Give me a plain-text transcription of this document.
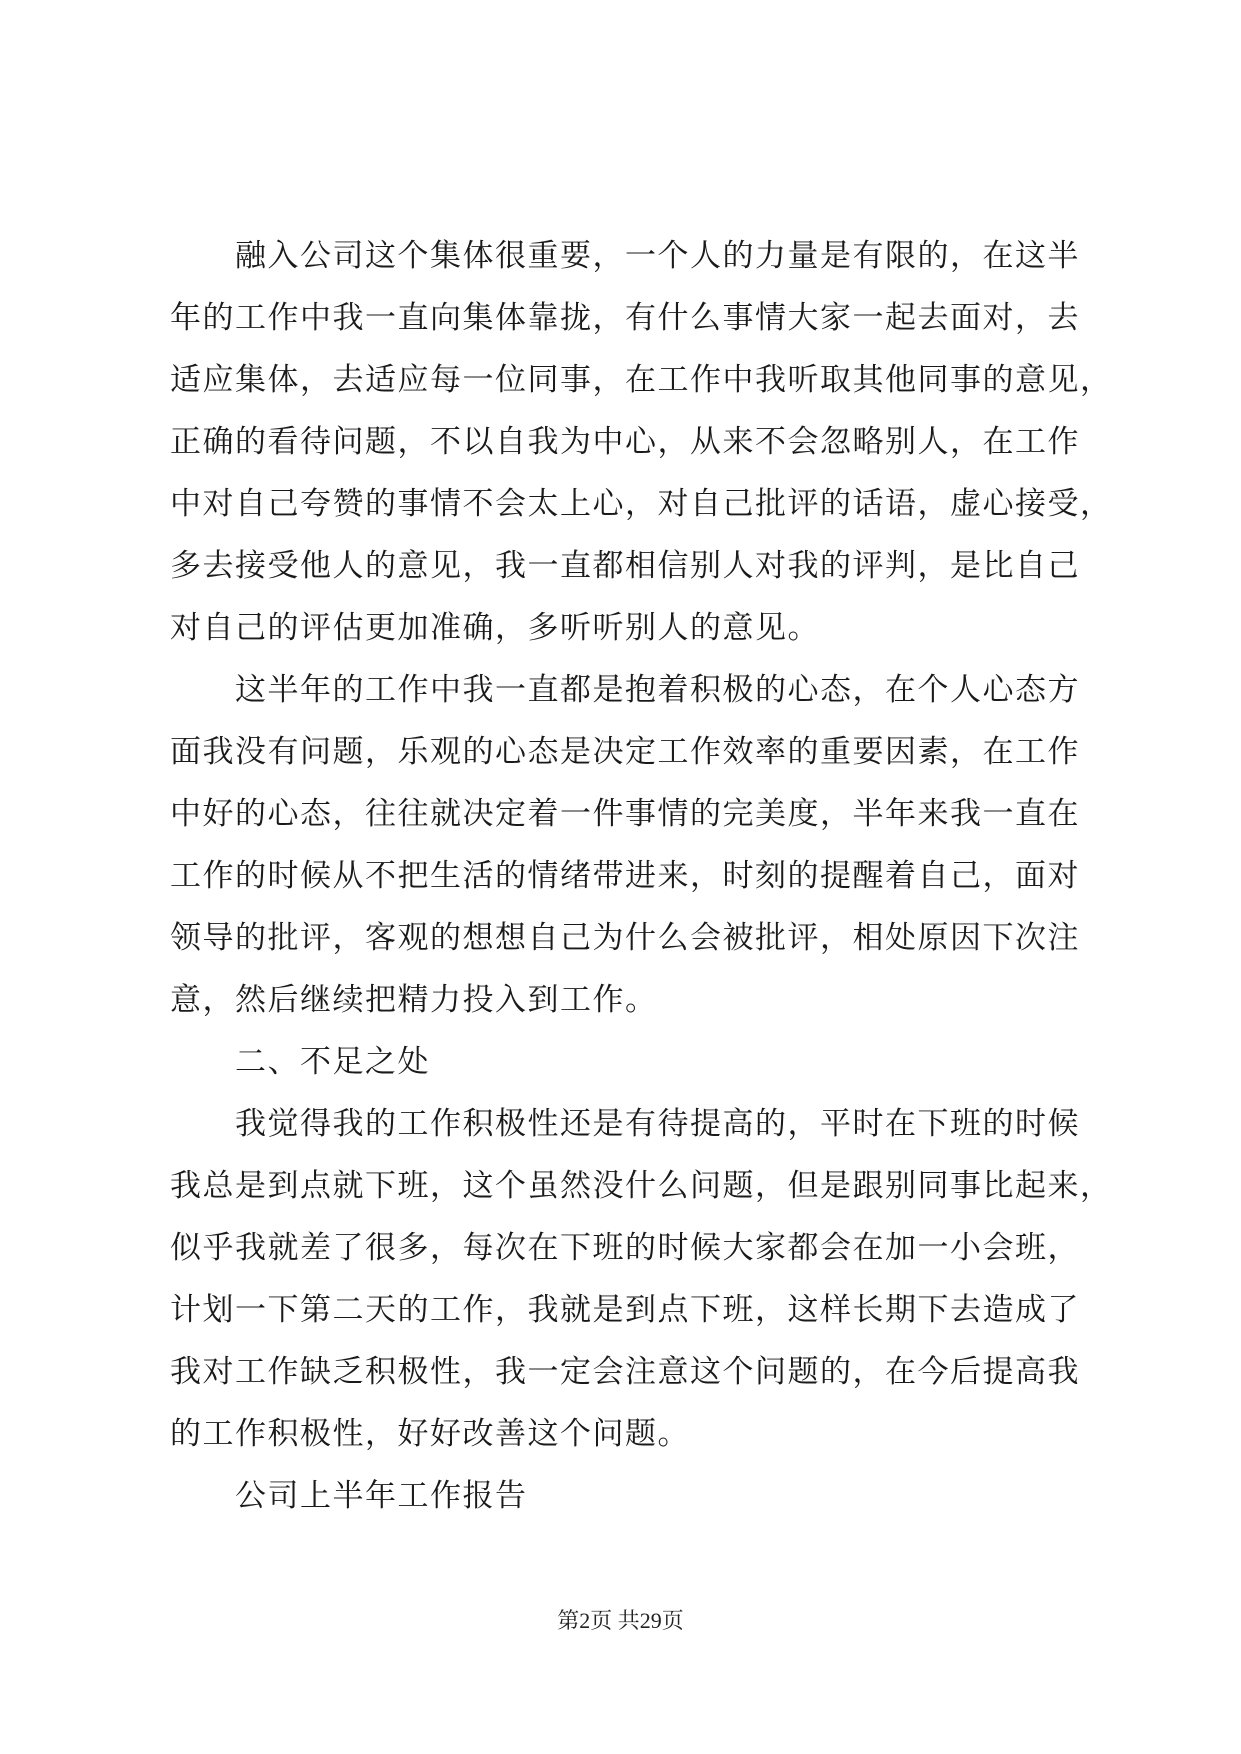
融入公司这个集体很重要，一个人的力量是有限的，在这半
年的工作中我一直向集体靠拢，有什么事情大家一起去面对，去
适应集体，去适应每一位同事，在工作中我听取其他同事的意见，
正确的看待问题，不以自我为中心，从来不会忽略别人，在工作
中对自己夸赞的事情不会太上心，对自己批评的话语，虚心接受，
多去接受他人的意见，我一直都相信别人对我的评判，是比自己
对自己的评估更加准确，多听听别人的意见。
这半年的工作中我一直都是抱着积极的心态，在个人心态方
面我没有问题，乐观的心态是决定工作效率的重要因素，在工作
中好的心态，往往就决定着一件事情的完美度，半年来我一直在
工作的时候从不把生活的情绪带进来，时刻的提醒着自己，面对
领导的批评，客观的想想自己为什么会被批评，相处原因下次注
意，然后继续把精力投入到工作。
二、不足之处
我觉得我的工作积极性还是有待提高的，平时在下班的时候
我总是到点就下班，这个虽然没什么问题，但是跟别同事比起来，
似乎我就差了很多，每次在下班的时候大家都会在加一小会班，
计划一下第二天的工作，我就是到点下班，这样长期下去造成了
我对工作缺乏积极性，我一定会注意这个问题的，在今后提高我
的工作积极性，好好改善这个问题。
公司上半年工作报告
第2页 共29页
